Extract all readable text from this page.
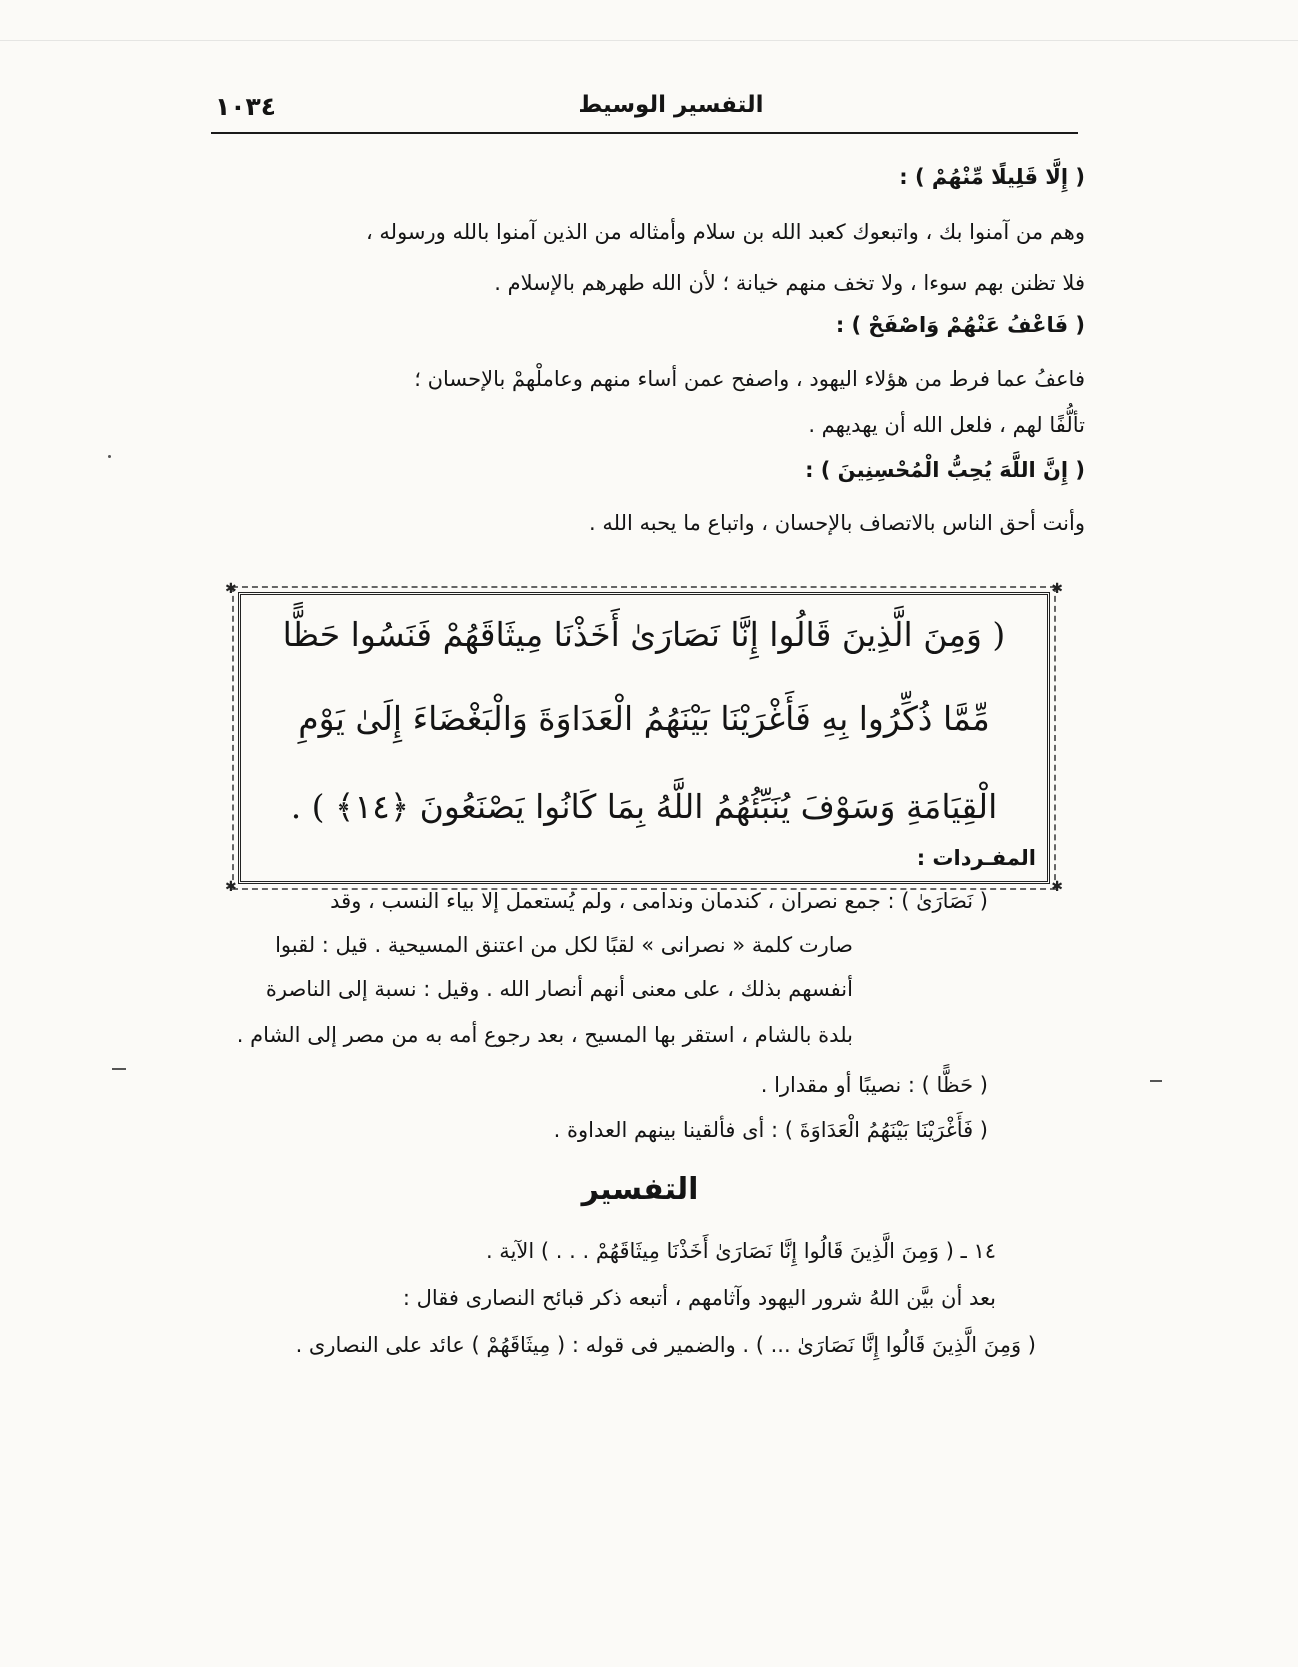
١٠٣٤	التفسير الوسيط
( إِلَّا قَلِيلًا مِّنْهُمْ ) :
وهم من آمنوا بك ، واتبعوك كعبد الله بن سلام وأمثاله من الذين آمنوا بالله ورسوله ،
فلا تظنن بهم سوءا ، ولا تخف منهم خيانة ؛ لأن الله طهرهم بالإسلام .
( فَاعْفُ عَنْهُمْ وَاصْفَحْ ) :
فاعفُ عما فرط من هؤلاء اليهود ، واصفح عمن أساء منهم وعاملْهمْ بالإحسان ؛
تألُّفًا لهم ، فلعل الله أن يهديهم .
( إِنَّ اللَّهَ يُحِبُّ الْمُحْسِنِينَ ) :
وأنت أحق الناس بالاتصاف بالإحسان ، واتباع ما يحبه الله .
✱	✱
✱	✱
( وَمِنَ الَّذِينَ قَالُوا إِنَّا نَصَارَىٰ أَخَذْنَا مِيثَاقَهُمْ فَنَسُوا حَظًّا
مِّمَّا ذُكِّرُوا بِهِ فَأَغْرَيْنَا بَيْنَهُمُ الْعَدَاوَةَ وَالْبَغْضَاءَ إِلَىٰ يَوْمِ
الْقِيَامَةِ وَسَوْفَ يُنَبِّئُهُمُ اللَّهُ بِمَا كَانُوا يَصْنَعُونَ ﴿١٤﴾ ) .
المفـردات :
( نَصَارَىٰ ) : جمع نصران ، كندمان وندامى ، ولم يُستعمل إلا بياء النسب ، وقد
صارت كلمة « نصرانى » لقبًا لكل من اعتنق المسيحية . قيل : لقبوا
أنفسهم بذلك ، على معنى أنهم أنصار الله . وقيل : نسبة إلى الناصرة
بلدة بالشام ، استقر بها المسيح ، بعد رجوع أمه به من مصر إلى الشام .
( حَظًّا ) : نصيبًا أو مقدارا .
( فَأَغْرَيْنَا بَيْنَهُمُ الْعَدَاوَةَ ) : أى فألقينا بينهم العداوة .
التفسير
١٤ ـ ( وَمِنَ الَّذِينَ قَالُوا إِنَّا نَصَارَىٰ أَخَذْنَا مِيثَاقَهُمْ . . . ) الآية .
بعد أن بيَّن اللهُ شرور اليهود وآثامهم ، أتبعه ذكر قبائح النصارى فقال :
( وَمِنَ الَّذِينَ قَالُوا إِنَّا نَصَارَىٰ ... ) . والضمير فى قوله : ( مِيثَاقَهُمْ ) عائد على النصارى .
